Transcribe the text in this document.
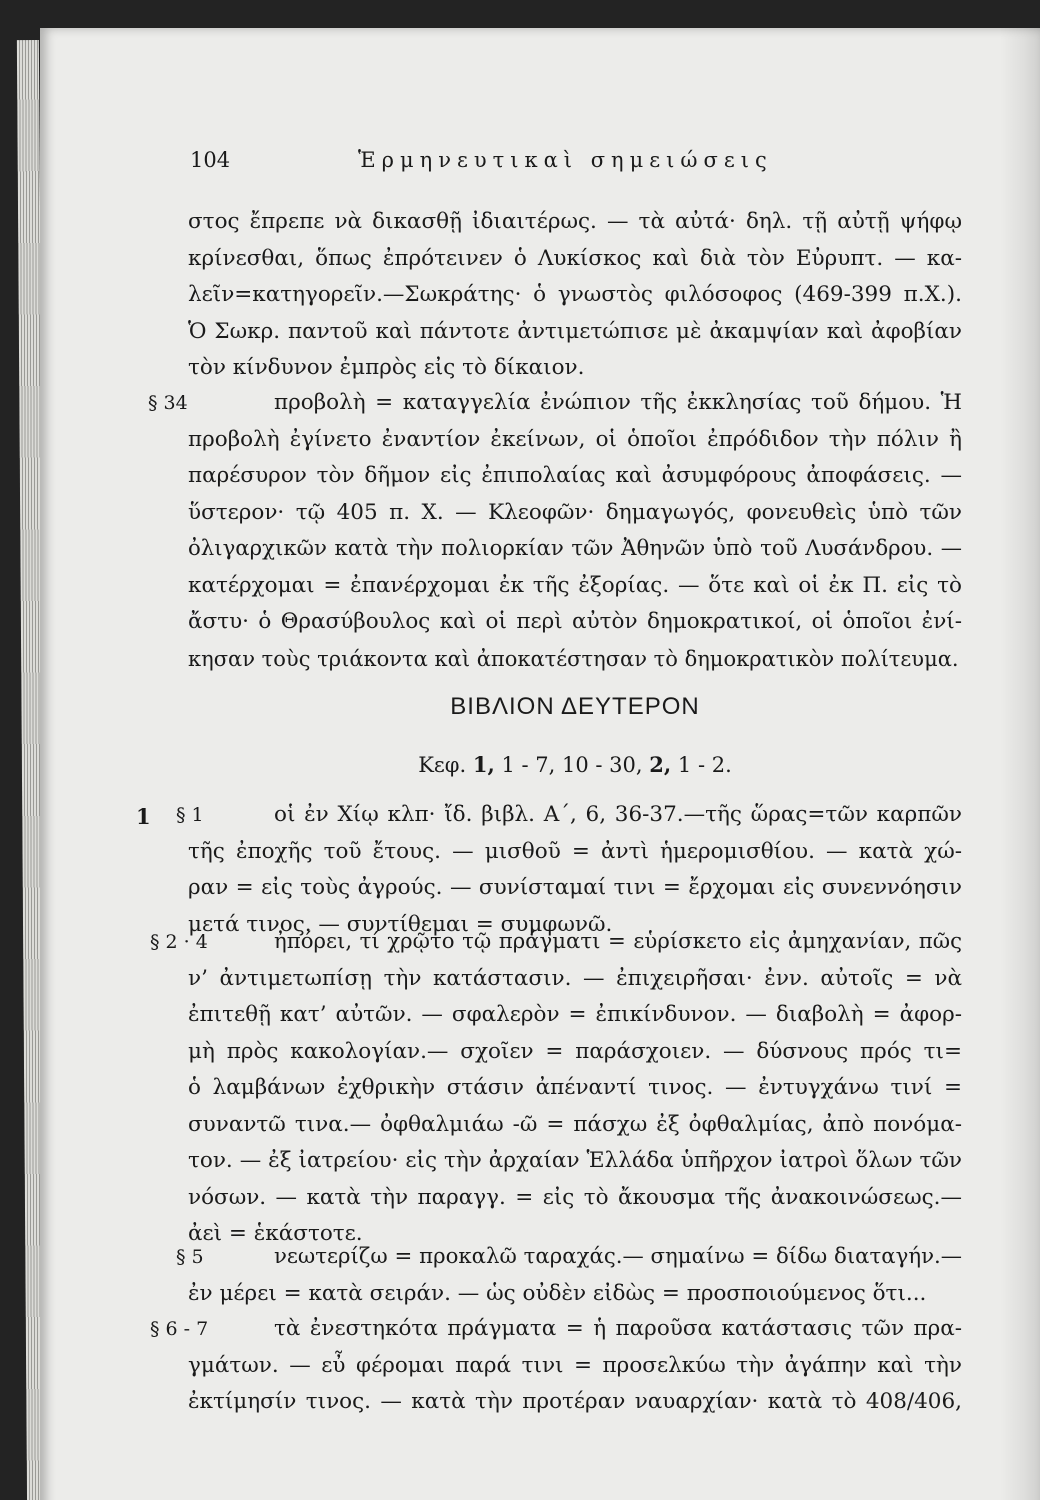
104	Ἑρμηνευτικαὶ σημειώσεις
στος ἔπρεπε νὰ δικασθῇ ἰδιαιτέρως. — τὰ αὐτά· δηλ. τῇ αὐτῇ ψήφῳ
κρίνεσθαι, ὅπως ἐπρότεινεν ὁ Λυκίσκος καὶ διὰ τὸν Εὐρυπτ. — κα-
λεῖν=κατηγορεῖν.—Σωκράτης· ὁ γνωστὸς φιλόσοφος (469-399 π.Χ.).
Ὁ Σωκρ. παντοῦ καὶ πάντοτε ἀντιμετώπισε μὲ ἀκαμψίαν καὶ ἀφοβίαν
τὸν κίνδυνον ἐμπρὸς εἰς τὸ δίκαιον.
§ 34	προβολὴ = καταγγελία ἐνώπιον τῆς ἐκκλησίας τοῦ δήμου. Ἡ
προβολὴ ἐγίνετο ἐναντίον ἐκείνων, οἱ ὁποῖοι ἐπρόδιδον τὴν πόλιν ἢ
παρέσυρον τὸν δῆμον εἰς ἐπιπολαίας καὶ ἀσυμφόρους ἀποφάσεις. —
ὕστερον· τῷ 405 π. Χ. — Κλεοφῶν· δημαγωγός, φονευθεὶς ὑπὸ τῶν
ὀλιγαρχικῶν κατὰ τὴν πολιορκίαν τῶν Ἀθηνῶν ὑπὸ τοῦ Λυσάνδρου. —
κατέρχομαι = ἐπανέρχομαι ἐκ τῆς ἐξορίας. — ὅτε καὶ οἱ ἐκ Π. εἰς τὸ
ἄστυ· ὁ Θρασύβουλος καὶ οἱ περὶ αὐτὸν δημοκρατικοί, οἱ ὁποῖοι ἐνί-
κησαν τοὺς τριάκοντα καὶ ἀποκατέστησαν τὸ δημοκρατικὸν πολίτευμα.
ΒΙΒΛΙΟΝ ΔΕΥΤΕΡΟΝ
Κεφ. 1, 1 - 7, 10 - 30, 2, 1 - 2.
1 § 1	οἱ ἐν Χίῳ κλπ· ἴδ. βιβλ. Α΄, 6, 36-37.—τῆς ὥρας=τῶν καρπῶν
τῆς ἐποχῆς τοῦ ἔτους. — μισθοῦ = ἀντὶ ἡμερομισθίου. — κατὰ χώ-
ραν = εἰς τοὺς ἀγρούς. — συνίσταμαί τινι = ἔρχομαι εἰς συνεννόησιν
μετά τινος. — συντίθεμαι = συμφωνῶ.
§ 2 · 4	ἠπόρει, τί χρῷτο τῷ πράγματι = εὑρίσκετο εἰς ἀμηχανίαν, πῶς
ν’ ἀντιμετωπίσῃ τὴν κατάστασιν. — ἐπιχειρῆσαι· ἐνν. αὐτοῖς = νὰ
ἐπιτεθῇ κατ’ αὐτῶν. — σφαλερὸν = ἐπικίνδυνον. — διαβολὴ = ἀφορ-
μὴ πρὸς κακολογίαν.— σχοῖεν = παράσχοιεν. — δύσνους πρός τι=
ὁ λαμβάνων ἐχθρικὴν στάσιν ἀπέναντί τινος. — ἐντυγχάνω τινί =
συναντῶ τινα.— ὀφθαλμιάω -ῶ = πάσχω ἐξ ὀφθαλμίας, ἀπὸ πονόμα-
τον. — ἐξ ἰατρείου· εἰς τὴν ἀρχαίαν Ἑλλάδα ὑπῆρχον ἰατροὶ ὅλων τῶν
νόσων. — κατὰ τὴν παραγγ. = εἰς τὸ ἄκουσμα τῆς ἀνακοινώσεως.—
ἀεὶ = ἑκάστοτε.
§ 5	νεωτερίζω = προκαλῶ ταραχάς.— σημαίνω = δίδω διαταγήν.—
ἐν μέρει = κατὰ σειράν. — ὡς οὐδὲν εἰδὼς = προσποιούμενος ὅτι...
§ 6 - 7	τὰ ἐνεστηκότα πράγματα = ἡ παροῦσα κατάστασις τῶν πρα-
γμάτων. — εὖ φέρομαι παρά τινι = προσελκύω τὴν ἀγάπην καὶ τὴν
ἐκτίμησίν τινος. — κατὰ τὴν προτέραν ναυαρχίαν· κατὰ τὸ 408/406,
